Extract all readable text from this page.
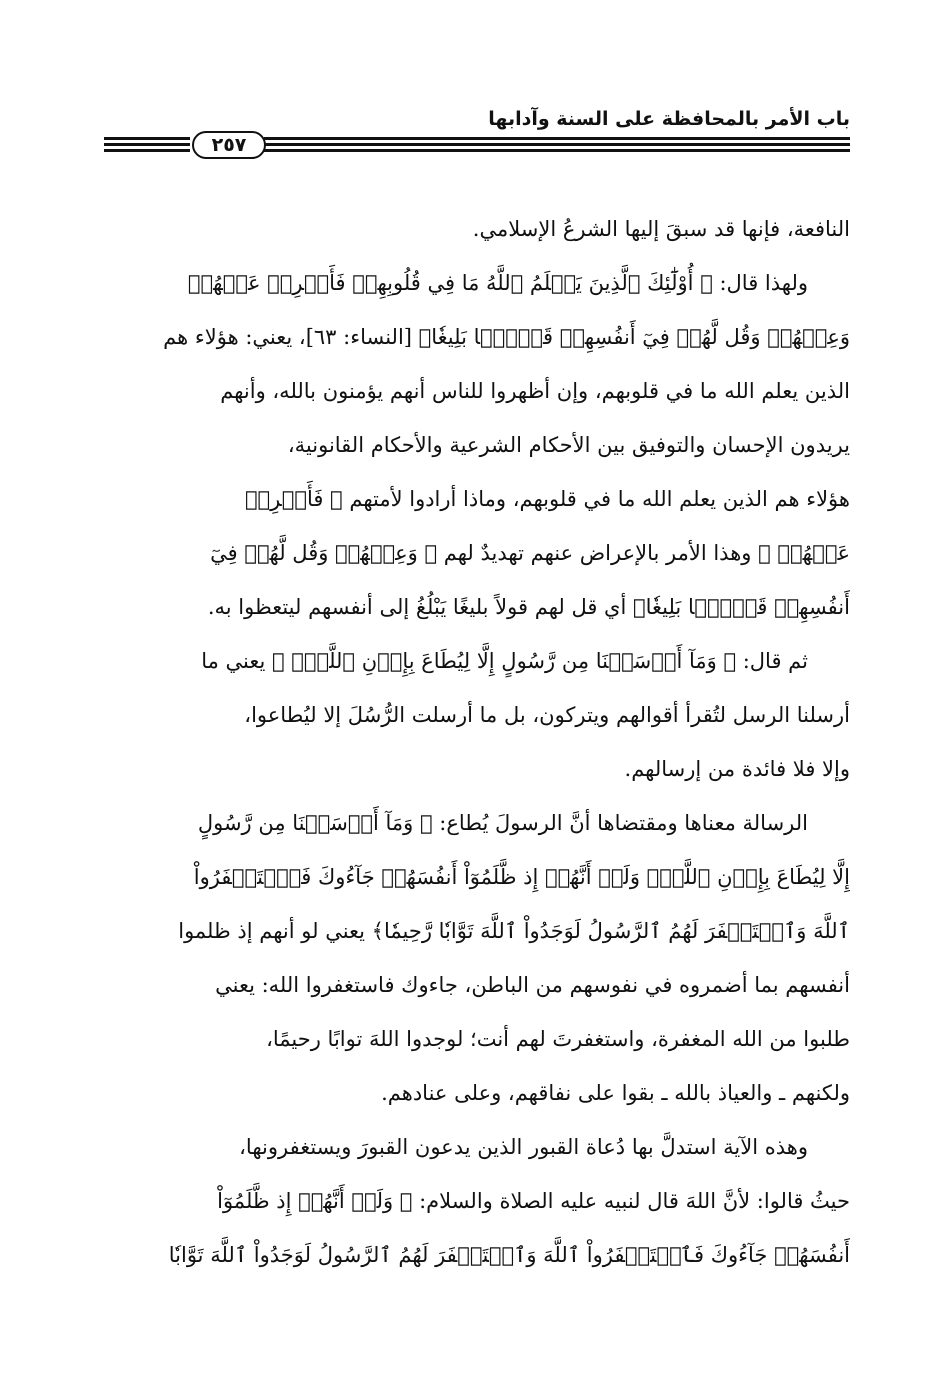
باب الأمر بالمحافظة على السنة وآدابها
٢٥٧
النافعة، فإنها قد سبقَ إليها الشرعُ الإسلامي.
ولهذا قال: ﴿ أُوْلَٰٓئِكَ ٱلَّذِينَ يَعۡلَمُ ٱللَّهُ مَا فِي قُلُوبِهِمۡ فَأَعۡرِضۡ عَنۡهُمۡ
وَعِظۡهُمۡ وَقُل لَّهُمۡ فِيٓ أَنفُسِهِمۡ قَوۡلَۢا بَلِيغٗا﴾ [النساء: ٦٣]، يعني: هؤلاء هم
الذين يعلم الله ما في قلوبهم، وإن أظهروا للناس أنهم يؤمنون بالله، وأنهم
يريدون الإحسان والتوفيق بين الأحكام الشرعية والأحكام القانونية،
هؤلاء هم الذين يعلم الله ما في قلوبهم، وماذا أرادوا لأمتهم ﴿ فَأَعۡرِضۡ
عَنۡهُمۡ ﴾ وهذا الأمر بالإعراض عنهم تهديدٌ لهم ﴿ وَعِظۡهُمۡ وَقُل لَّهُمۡ فِيٓ
أَنفُسِهِمۡ قَوۡلَۢا بَلِيغٗا﴾ أي قل لهم قولاً بليغًا يَبْلُغُ إلى أنفسهم ليتعظوا به.
ثم قال: ﴿ وَمَآ أَرۡسَلۡنَا مِن رَّسُولٍ إِلَّا لِيُطَاعَ بِإِذۡنِ ٱللَّهِۚ ﴾ يعني ما
أرسلنا الرسل لتُقرأ أقوالهم ويتركون، بل ما أرسلت الرُّسُلَ إلا ليُطاعوا،
وإلا فلا فائدة من إرسالهم.
الرسالة معناها ومقتضاها أنَّ الرسولَ يُطاع: ﴿ وَمَآ أَرۡسَلۡنَا مِن رَّسُولٍ
إِلَّا لِيُطَاعَ بِإِذۡنِ ٱللَّهِۚ وَلَوۡ أَنَّهُمۡ إِذ ظَّلَمُوٓاْ أَنفُسَهُمۡ جَآءُوكَ فَٱسۡتَغۡفَرُواْ
ٱللَّهَ وَٱسۡتَغۡفَرَ لَهُمُ ٱلرَّسُولُ لَوَجَدُواْ ٱللَّهَ تَوَّابٗا رَّحِيمٗا﴾ يعني لو أنهم إذ ظلموا
أنفسهم بما أضمروه في نفوسهم من الباطن، جاءوك فاستغفروا الله: يعني
طلبوا من الله المغفرة، واستغفرتَ لهم أنت؛ لوجدوا اللهَ توابًا رحيمًا،
ولكنهم ـ والعياذ بالله ـ بقوا على نفاقهم، وعلى عنادهم.
وهذه الآية استدلَّ بها دُعاة القبور الذين يدعون القبورَ ويستغفرونها،
حيثُ قالوا: لأنَّ اللهَ قال لنبيه عليه الصلاة والسلام: ﴿ وَلَوۡ أَنَّهُمۡ إِذ ظَّلَمُوٓاْ
أَنفُسَهُمۡ جَآءُوكَ فَٱسۡتَغۡفَرُواْ ٱللَّهَ وَٱسۡتَغۡفَرَ لَهُمُ ٱلرَّسُولُ لَوَجَدُواْ ٱللَّهَ تَوَّابٗا
